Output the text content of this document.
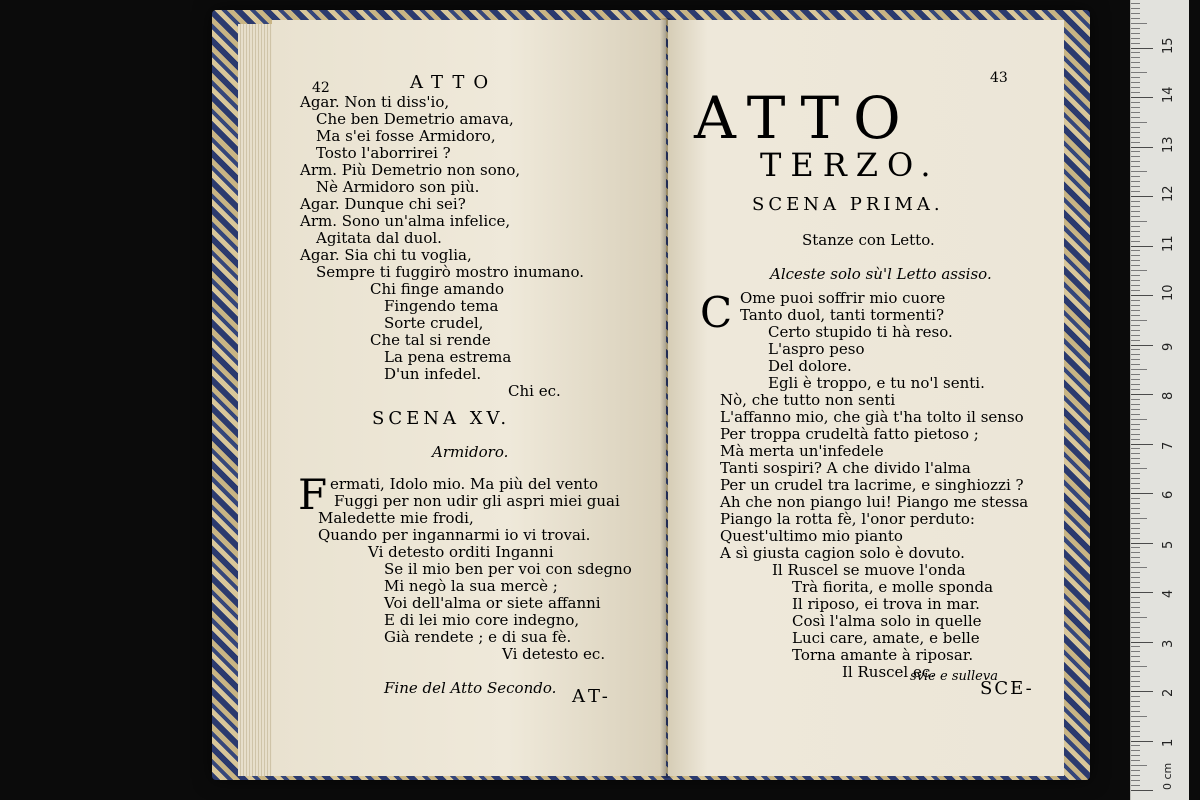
42	ATTO
Agar. Non ti diss'io,
Che ben Demetrio amava,
Ma s'ei fosse Armidoro,
Tosto l'aborrirei ?
Arm. Più Demetrio non sono,
Nè Armidoro son più.
Agar. Dunque chi sei?
Arm. Sono un'alma infelice,
Agitata dal duol.
Agar. Sia chi tu voglia,
Sempre ti fuggirò mostro inumano.
Chi finge amando
Fingendo tema
Sorte crudel,
Che tal si rende
La pena estrema
D'un infedel.
Chi ec.
SCENA XV.
Armidoro.
F ermati, Idolo mio. Ma più del vento
Fuggi per non udir gli aspri miei guai
Maledette mie frodi,
Quando per ingannarmi io vi trovai.
Vi detesto orditi Inganni
Se il mio ben per voi con sdegno
Mi negò la sua mercè ;
Voi dell'alma or siete affanni
E di lei mio core indegno,
Già rendete ; e di sua fè.
Vi detesto ec.
Fine del Atto Secondo. AT-
43
ATTO
TERZO.
SCENA PRIMA.
Stanze con Letto.
Alceste solo sù'l Letto assiso.
C Ome puoi soffrir mio cuore
Tanto duol, tanti tormenti?
Certo stupido ti hà reso.
L'aspro peso
Del dolore.
Egli è troppo, e tu no'l senti.
Nò, che tutto non senti
L'affanno mio, che già t'ha tolto il senso
Per troppa crudeltà fatto pietoso ;
Mà merta un'infedele
Tanti sospiri? A che divido l'alma
Per un crudel tra lacrime, e singhiozzi ?
Ah che non piango lui! Piango me stessa
Piango la rotta fè, l'onor perduto:
Quest'ultimo mio pianto
A sì giusta cagion solo è dovuto.
Il Ruscel se muove l'onda
Trà fiorita, e molle sponda
Il riposo, ei trova in mar.
Così l'alma solo in quelle
Luci care, amate, e belle
Torna amante à riposar.
Il Ruscel ec.
svie e sulleva
SCE-
1
2
3
4
5
6
7
8
9
10
11
12
13
14
15
0 cm
